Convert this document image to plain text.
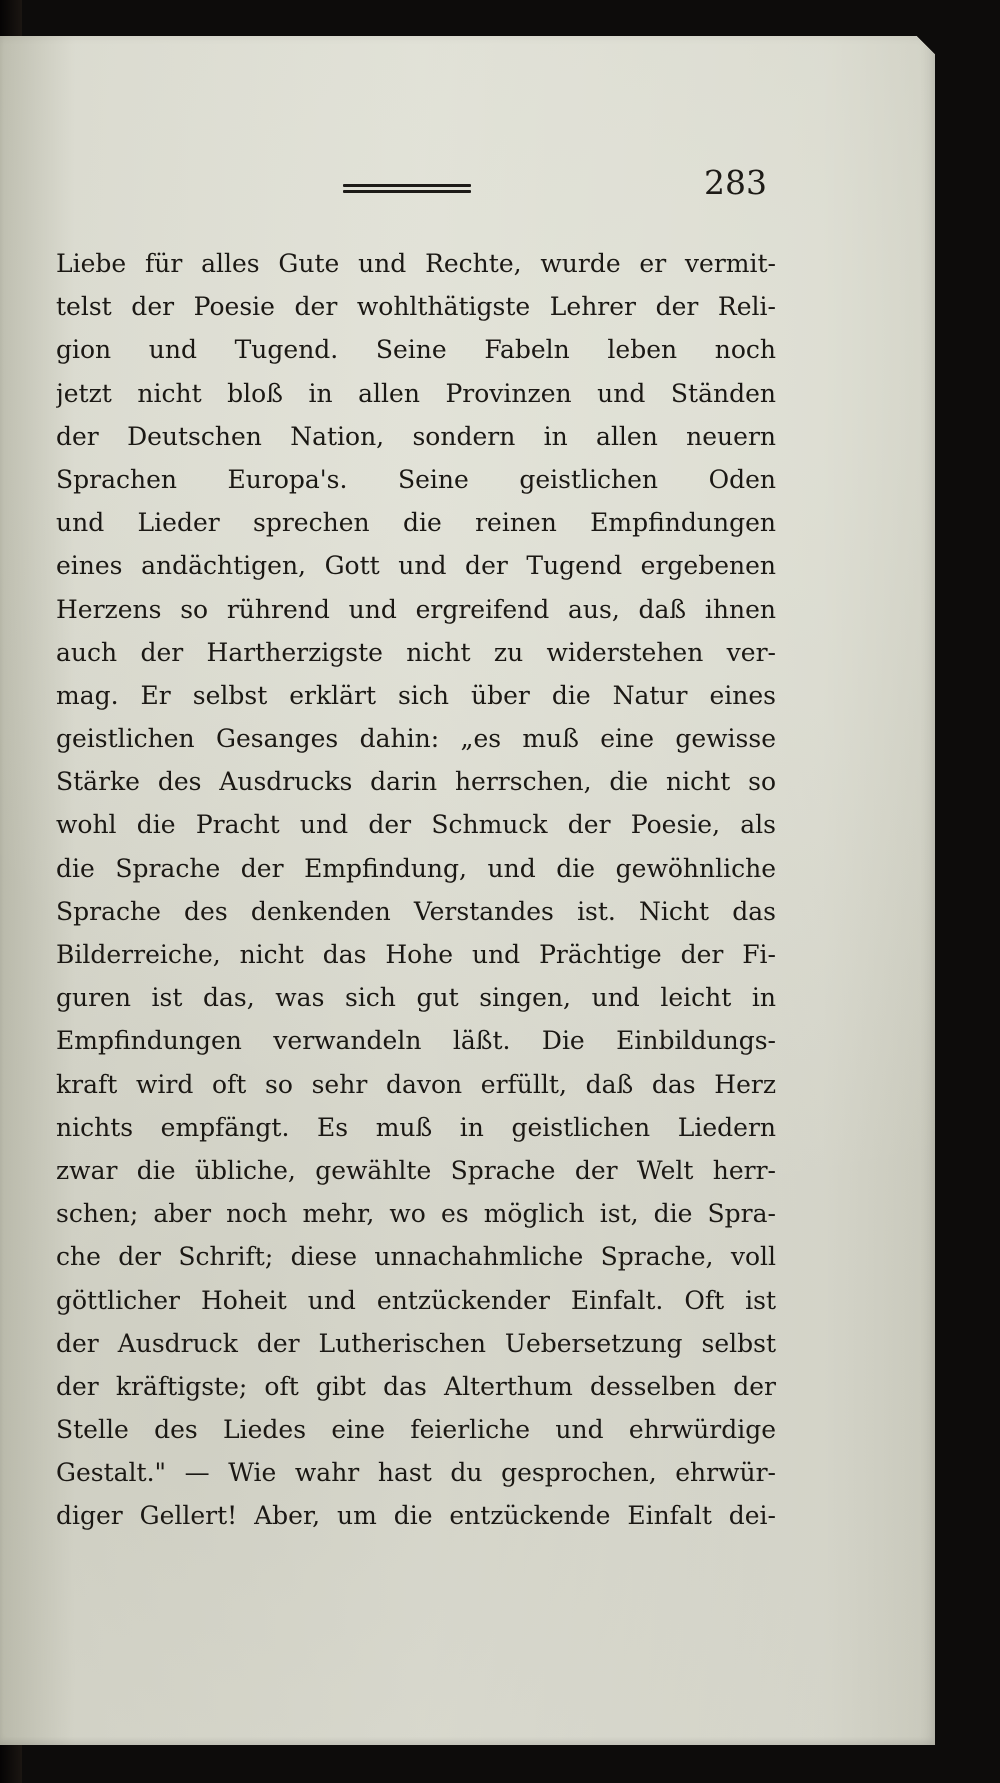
283
Liebe für alles Gute und Rechte, wurde er vermit-
telst der Poesie der wohlthätigste Lehrer der Reli-
gion und Tugend. Seine Fabeln leben noch
jetzt nicht bloß in allen Provinzen und Ständen
der Deutschen Nation, sondern in allen neuern
Sprachen Europa's. Seine geistlichen Oden
und Lieder sprechen die reinen Empfindungen
eines andächtigen, Gott und der Tugend ergebenen
Herzens so rührend und ergreifend aus, daß ihnen
auch der Hartherzigste nicht zu widerstehen ver-
mag. Er selbst erklärt sich über die Natur eines
geistlichen Gesanges dahin: „es muß eine gewisse
Stärke des Ausdrucks darin herrschen, die nicht so
wohl die Pracht und der Schmuck der Poesie, als
die Sprache der Empfindung, und die gewöhnliche
Sprache des denkenden Verstandes ist. Nicht das
Bilderreiche, nicht das Hohe und Prächtige der Fi-
guren ist das, was sich gut singen, und leicht in
Empfindungen verwandeln läßt. Die Einbildungs-
kraft wird oft so sehr davon erfüllt, daß das Herz
nichts empfängt. Es muß in geistlichen Liedern
zwar die übliche, gewählte Sprache der Welt herr-
schen; aber noch mehr, wo es möglich ist, die Spra-
che der Schrift; diese unnachahmliche Sprache, voll
göttlicher Hoheit und entzückender Einfalt. Oft ist
der Ausdruck der Lutherischen Uebersetzung selbst
der kräftigste; oft gibt das Alterthum desselben der
Stelle des Liedes eine feierliche und ehrwürdige
Gestalt." — Wie wahr hast du gesprochen, ehrwür-
diger Gellert! Aber, um die entzückende Einfalt dei-
